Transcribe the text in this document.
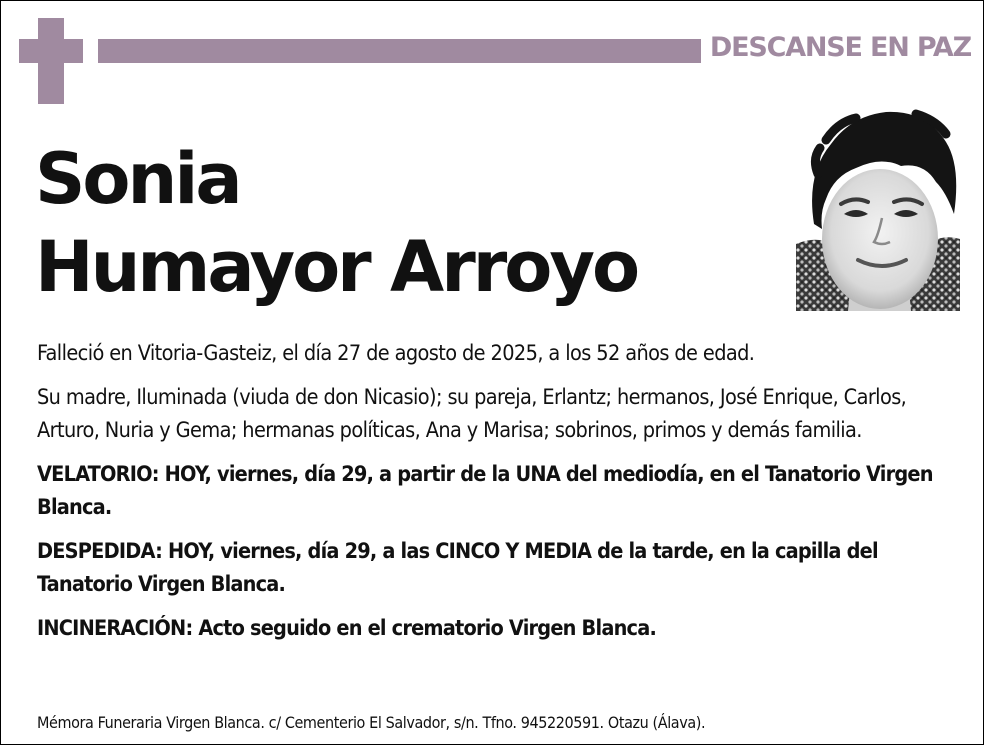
DESCANSE EN PAZ
Sonia
Humayor Arroyo

Falleció en Vitoria-Gasteiz, el día 27 de agosto de 2025, a los 52 años de edad.

Su madre, Iluminada (viuda de don Nicasio); su pareja, Erlantz; hermanos, José Enrique, Carlos, Arturo, Nuria y Gema; hermanas políticas, Ana y Marisa; sobrinos, primos y demás familia.

VELATORIO: HOY, viernes, día 29, a partir de la UNA del mediodía, en el Tanatorio Virgen Blanca.

DESPEDIDA: HOY, viernes, día 29, a las CINCO Y MEDIA de la tarde, en la capilla del Tanatorio Virgen Blanca.

INCINERACIÓN: Acto seguido en el crematorio Virgen Blanca.

Mémora Funeraria Virgen Blanca. c/ Cementerio El Salvador, s/n. Tfno. 945220591. Otazu (Álava).
